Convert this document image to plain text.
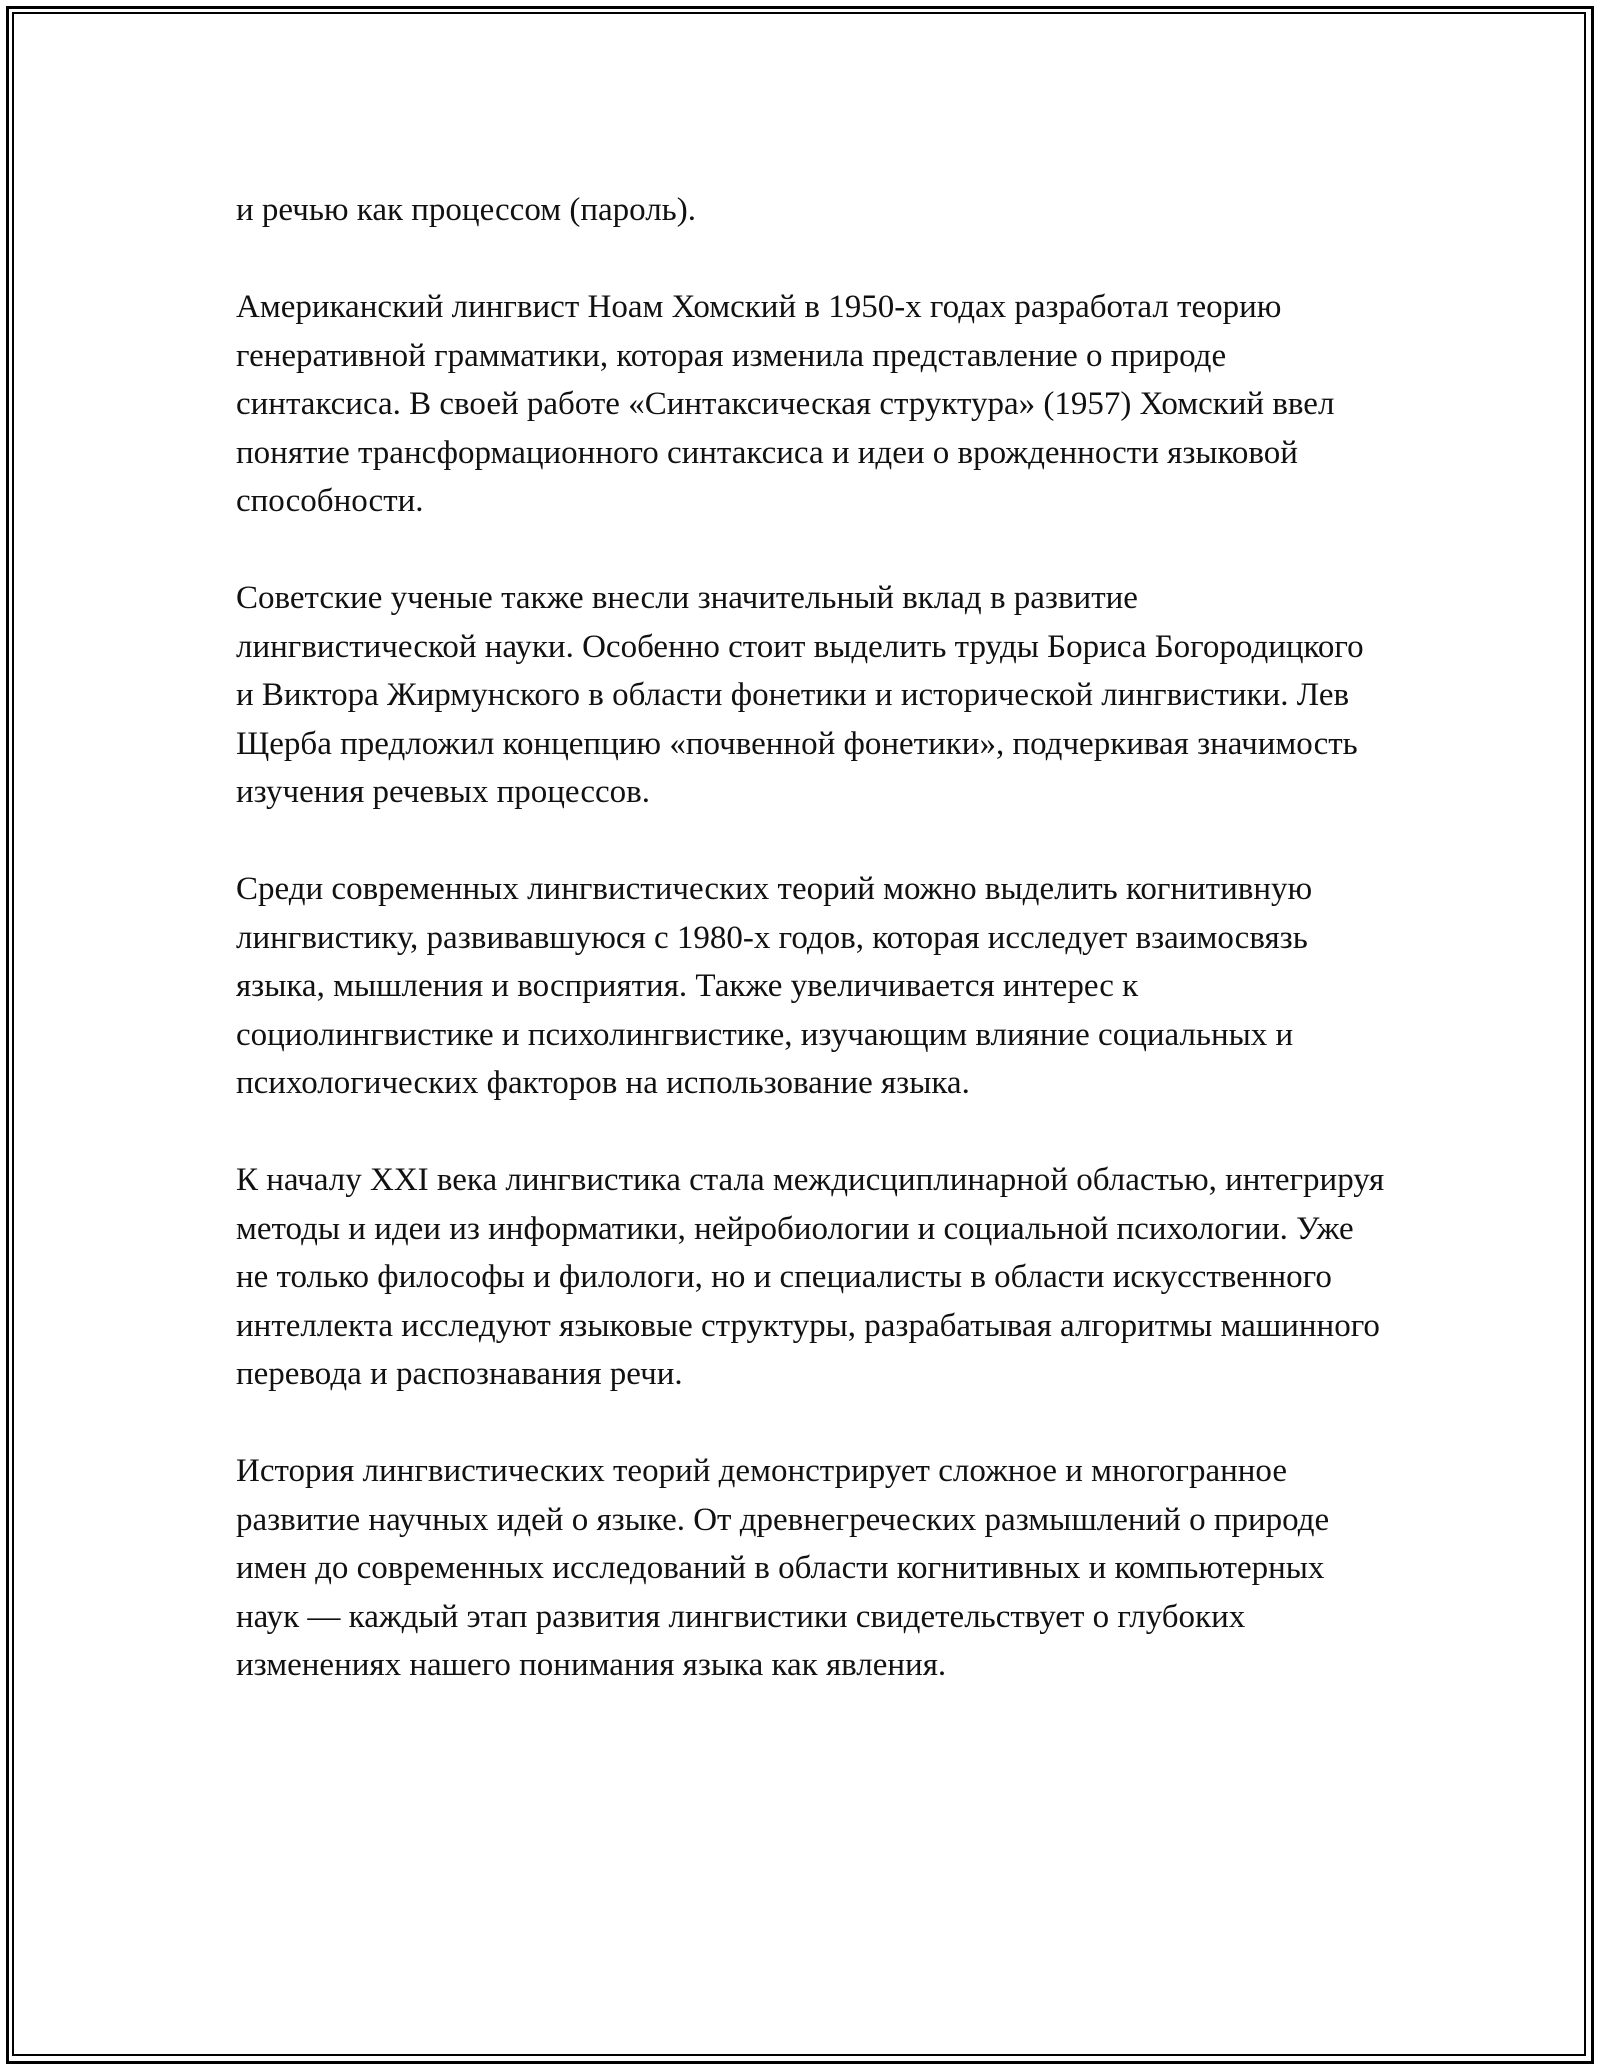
и речью как процессом (пароль).

Американский лингвист Ноам Хомский в 1950-х годах разработал теорию генеративной грамматики, которая изменила представление о природе синтаксиса. В своей работе «Синтаксическая структура» (1957) Хомский ввел понятие трансформационного синтаксиса и идеи о врожденности языковой способности.

Советские ученые также внесли значительный вклад в развитие лингвистической науки. Особенно стоит выделить труды Бориса Богородицкого и Виктора Жирмунского в области фонетики и исторической лингвистики. Лев Щерба предложил концепцию «почвенной фонетики», подчеркивая значимость изучения речевых процессов.

Среди современных лингвистических теорий можно выделить когнитивную лингвистику, развивавшуюся с 1980-х годов, которая исследует взаимосвязь языка, мышления и восприятия. Также увеличивается интерес к социолингвистике и психолингвистике, изучающим влияние социальных и психологических факторов на использование языка.

К началу XXI века лингвистика стала междисциплинарной областью, интегрируя методы и идеи из информатики, нейробиологии и социальной психологии. Уже не только философы и филологи, но и специалисты в области искусственного интеллекта исследуют языковые структуры, разрабатывая алгоритмы машинного перевода и распознавания речи.

История лингвистических теорий демонстрирует сложное и многогранное развитие научных идей о языке. От древнегреческих размышлений о природе имен до современных исследований в области когнитивных и компьютерных наук — каждый этап развития лингвистики свидетельствует о глубоких изменениях нашего понимания языка как явления.
